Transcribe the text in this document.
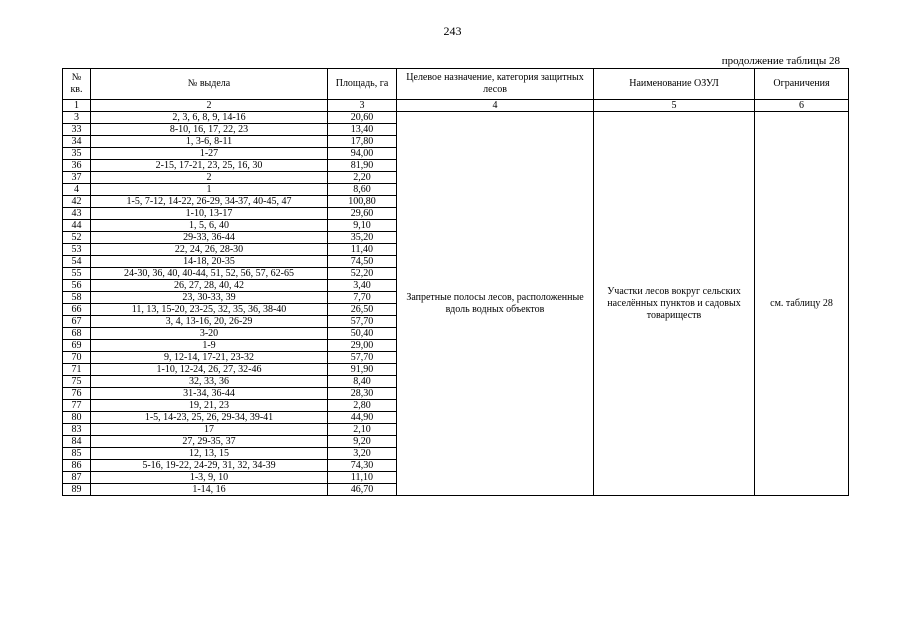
243
продолжение таблицы 28
№ кв.	№ выдела	Площадь, га	Целевое назначение, категория защитных лесов	Наименование ОЗУЛ	Ограничения
1	2	3	4	5	6
3	2, 3, 6, 8, 9, 14-16	20,60	Запретные полосы лесов, расположенные вдоль водных объектов	Участки лесов вокруг сельских населённых пунктов и садовых товариществ	см. таблицу 28
33	8-10, 16, 17, 22, 23	13,40			
34	1, 3-6, 8-11	17,80			
35	1-27	94,00			
36	2-15, 17-21, 23, 25, 16, 30	81,90			
37	2	2,20			
4	1	8,60			
42	1-5, 7-12, 14-22, 26-29, 34-37, 40-45, 47	100,80			
43	1-10, 13-17	29,60			
44	1, 5, 6, 40	9,10			
52	29-33, 36-44	35,20			
53	22, 24, 26, 28-30	11,40			
54	14-18, 20-35	74,50			
55	24-30, 36, 40, 40-44, 51, 52, 56, 57, 62-65	52,20			
56	26, 27, 28, 40, 42	3,40			
58	23, 30-33, 39	7,70			
66	11, 13, 15-20, 23-25, 32, 35, 36, 38-40	26,50			
67	3, 4, 13-16, 20, 26-29	57,70			
68	3-20	50,40			
69	1-9	29,00			
70	9, 12-14, 17-21, 23-32	57,70			
71	1-10, 12-24, 26, 27, 32-46	91,90			
75	32, 33, 36	8,40			
76	31-34, 36-44	28,30			
77	19, 21, 23	2,80			
80	1-5, 14-23, 25, 26, 29-34, 39-41	44,90			
83	17	2,10			
84	27, 29-35, 37	9,20			
85	12, 13, 15	3,20			
86	5-16, 19-22, 24-29, 31, 32, 34-39	74,30			
87	1-3, 9, 10	11,10			
89	1-14, 16	46,70			
